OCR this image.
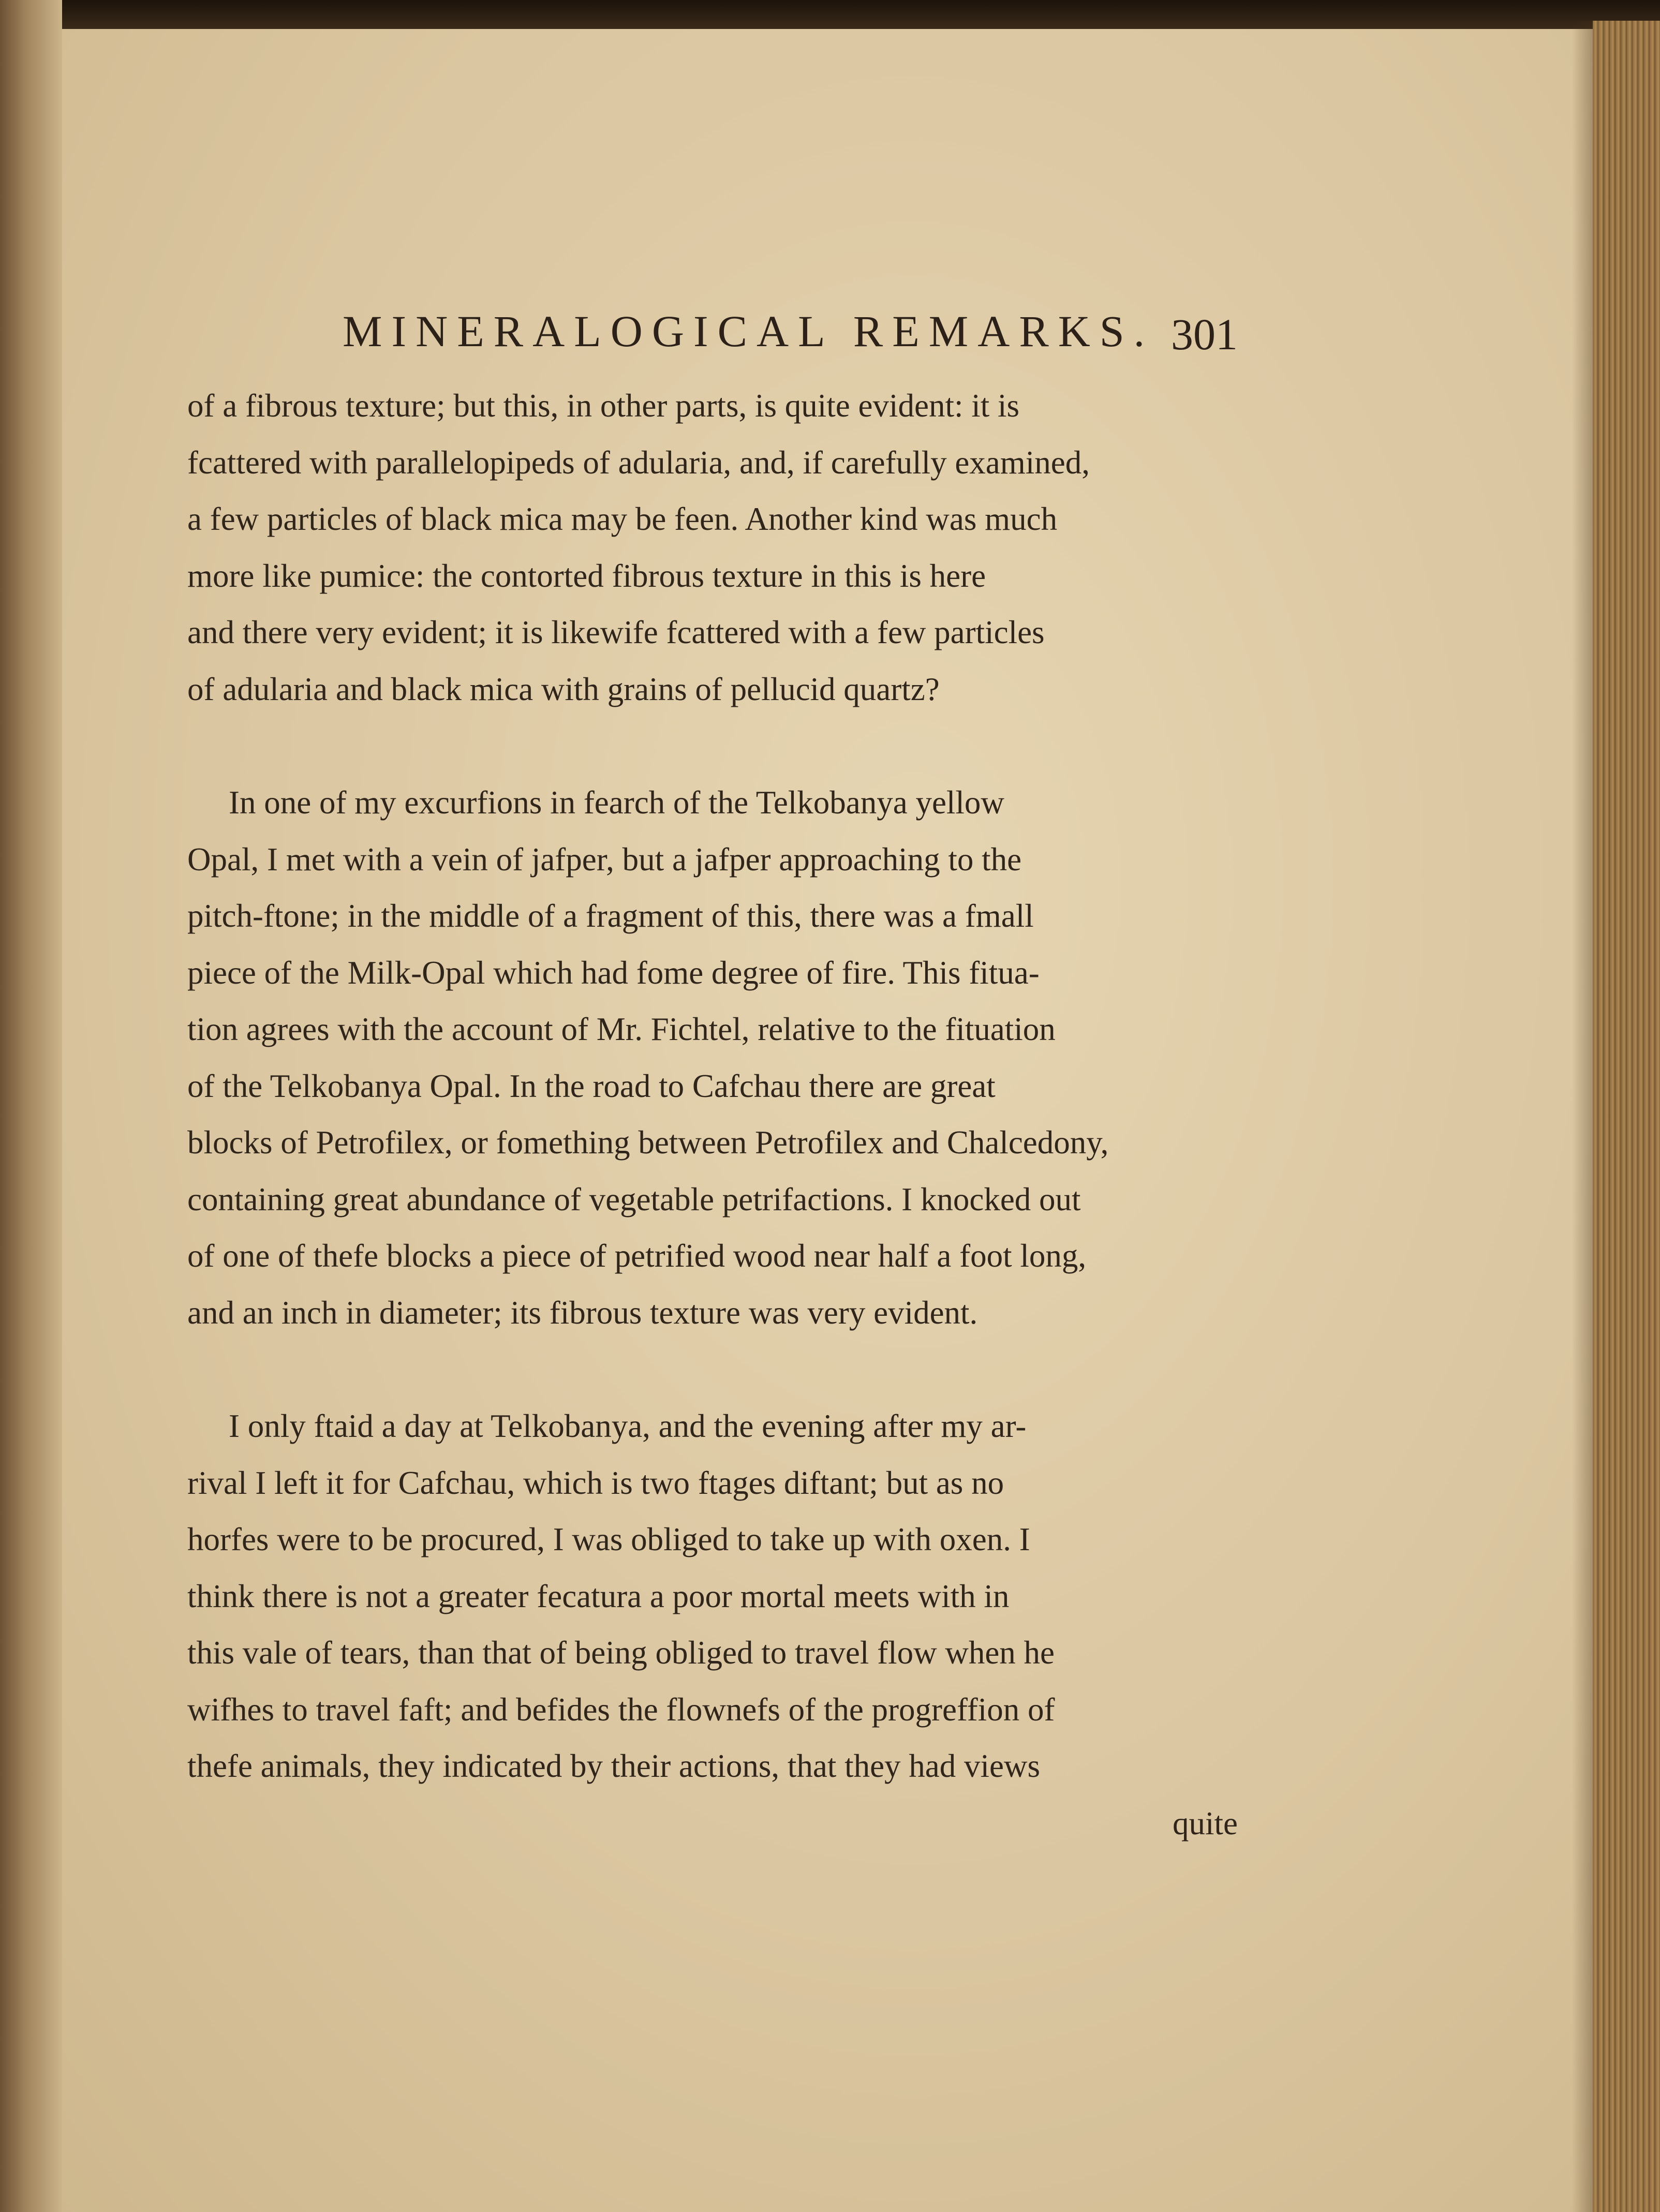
MINERALOGICAL REMARKS. 301
of a fibrous texture; but this, in other parts, is quite evident: it is
fcattered with parallelopipeds of adularia, and, if carefully examined,
a few particles of black mica may be feen. Another kind was much
more like pumice: the contorted fibrous texture in this is here
and there very evident; it is likewife fcattered with a few particles
of adularia and black mica with grains of pellucid quartz?
In one of my excurfions in fearch of the Telkobanya yellow
Opal, I met with a vein of jafper, but a jafper approaching to the
pitch-ftone; in the middle of a fragment of this, there was a fmall
piece of the Milk-Opal which had fome degree of fire. This fitua-
tion agrees with the account of Mr. Fichtel, relative to the fituation
of the Telkobanya Opal. In the road to Cafchau there are great
blocks of Petrofilex, or fomething between Petrofilex and Chalcedony,
containing great abundance of vegetable petrifactions. I knocked out
of one of thefe blocks a piece of petrified wood near half a foot long,
and an inch in diameter; its fibrous texture was very evident.
I only ftaid a day at Telkobanya, and the evening after my ar-
rival I left it for Cafchau, which is two ftages diftant; but as no
horfes were to be procured, I was obliged to take up with oxen. I
think there is not a greater fecatura a poor mortal meets with in
this vale of tears, than that of being obliged to travel flow when he
wifhes to travel faft; and befides the flownefs of the progreffion of
thefe animals, they indicated by their actions, that they had views
quite
